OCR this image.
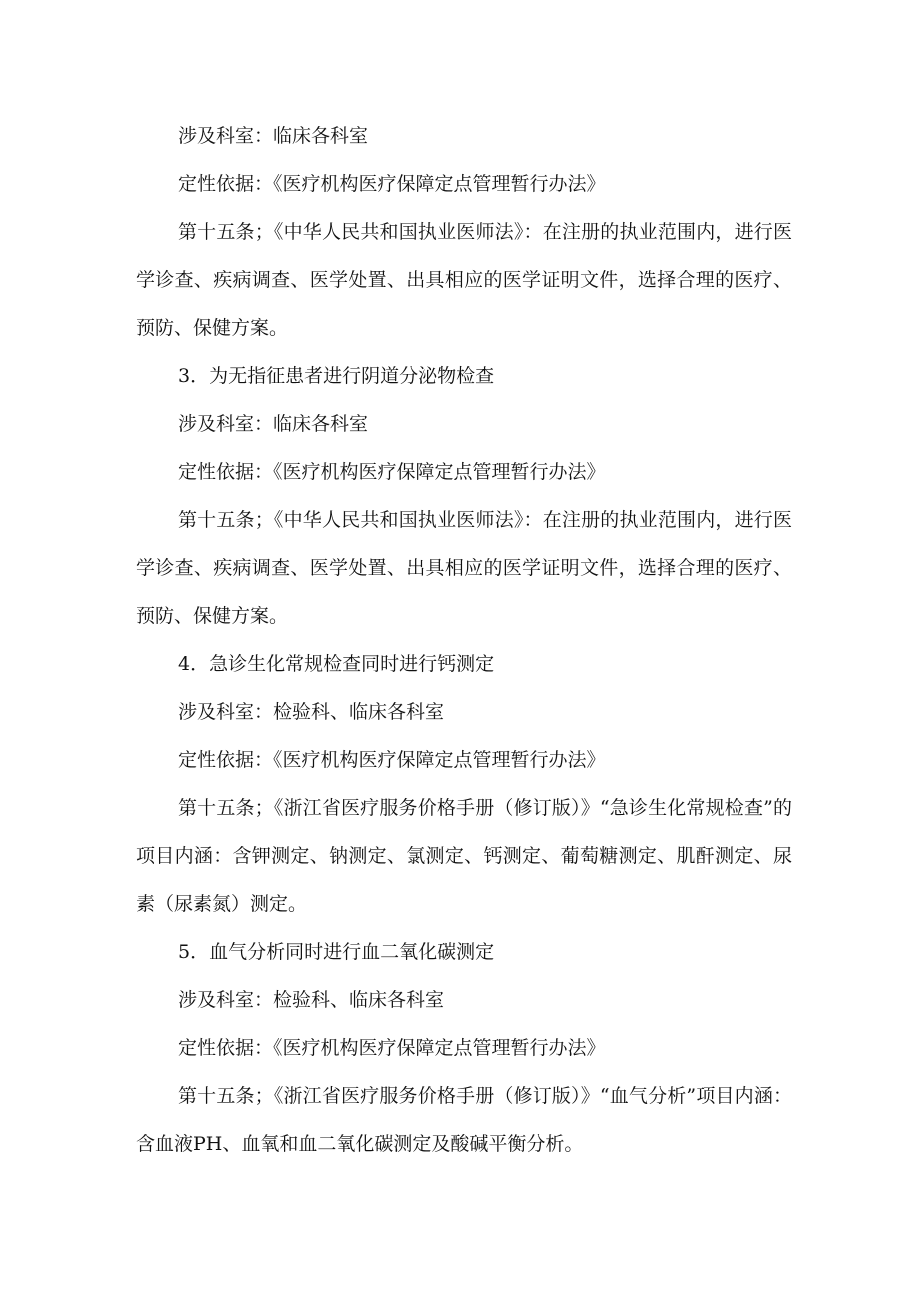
涉及科室：临床各科室

定性依据：《医疗机构医疗保障定点管理暂行办法》

第十五条；《中华人民共和国执业医师法》：在注册的执业范围内，进行医学诊查、疾病调查、医学处置、出具相应的医学证明文件，选择合理的医疗、预防、保健方案。

3．为无指征患者进行阴道分泌物检查

涉及科室：临床各科室

定性依据：《医疗机构医疗保障定点管理暂行办法》

第十五条；《中华人民共和国执业医师法》：在注册的执业范围内，进行医学诊查、疾病调查、医学处置、出具相应的医学证明文件，选择合理的医疗、预防、保健方案。

4．急诊生化常规检查同时进行钙测定

涉及科室：检验科、临床各科室

定性依据：《医疗机构医疗保障定点管理暂行办法》

第十五条；《浙江省医疗服务价格手册（修订版）》“急诊生化常规检查”的项目内涵：含钾测定、钠测定、氯测定、钙测定、葡萄糖测定、肌酐测定、尿素（尿素氮）测定。

5．血气分析同时进行血二氧化碳测定

涉及科室：检验科、临床各科室

定性依据：《医疗机构医疗保障定点管理暂行办法》

第十五条；《浙江省医疗服务价格手册（修订版）》“血气分析”项目内涵：含血液PH、血氧和血二氧化碳测定及酸碱平衡分析。
